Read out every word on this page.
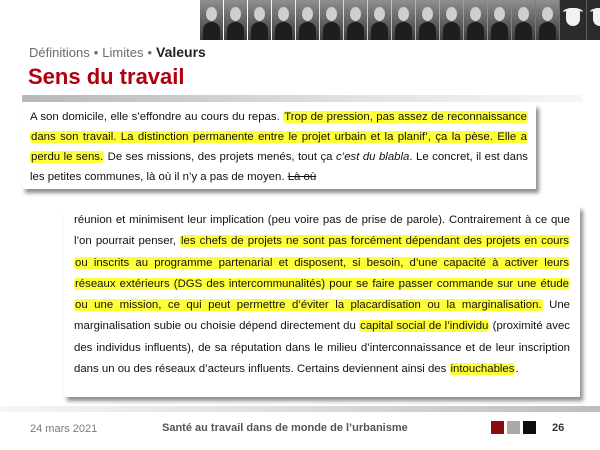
Définitions • Limites • Valeurs
Sens du travail
A son domicile, elle s’effondre au cours du repas. Trop de pression, pas assez de reconnaissance dans son travail. La distinction permanente entre le projet urbain et la planif’, ça la pèse. Elle a perdu le sens. De ses missions, des projets menés, tout ça c’est du blabla. Le concret, il est dans les petites communes, là où il n’y a pas de moyen. Là où
réunion et minimisent leur implication (peu voire pas de prise de parole). Contrairement à ce que l’on pourrait penser, les chefs de projets ne sont pas forcément dépendant des projets en cours ou inscrits au programme partenarial et disposent, si besoin, d’une capacité à activer leurs réseaux extérieurs (DGS des intercommunalités) pour se faire passer commande sur une étude ou une mission, ce qui peut permettre d’éviter la placardisation ou la marginalisation. Une marginalisation subie ou choisie dépend directement du capital social de l’individu (proximité avec des individus influents), de sa réputation dans le milieu d’interconnaissance et de leur inscription dans un ou des réseaux d’acteurs influents. Certains deviennent ainsi des intouchables.
24 mars 2021	Santé au travail dans de monde de l’urbanisme	26
